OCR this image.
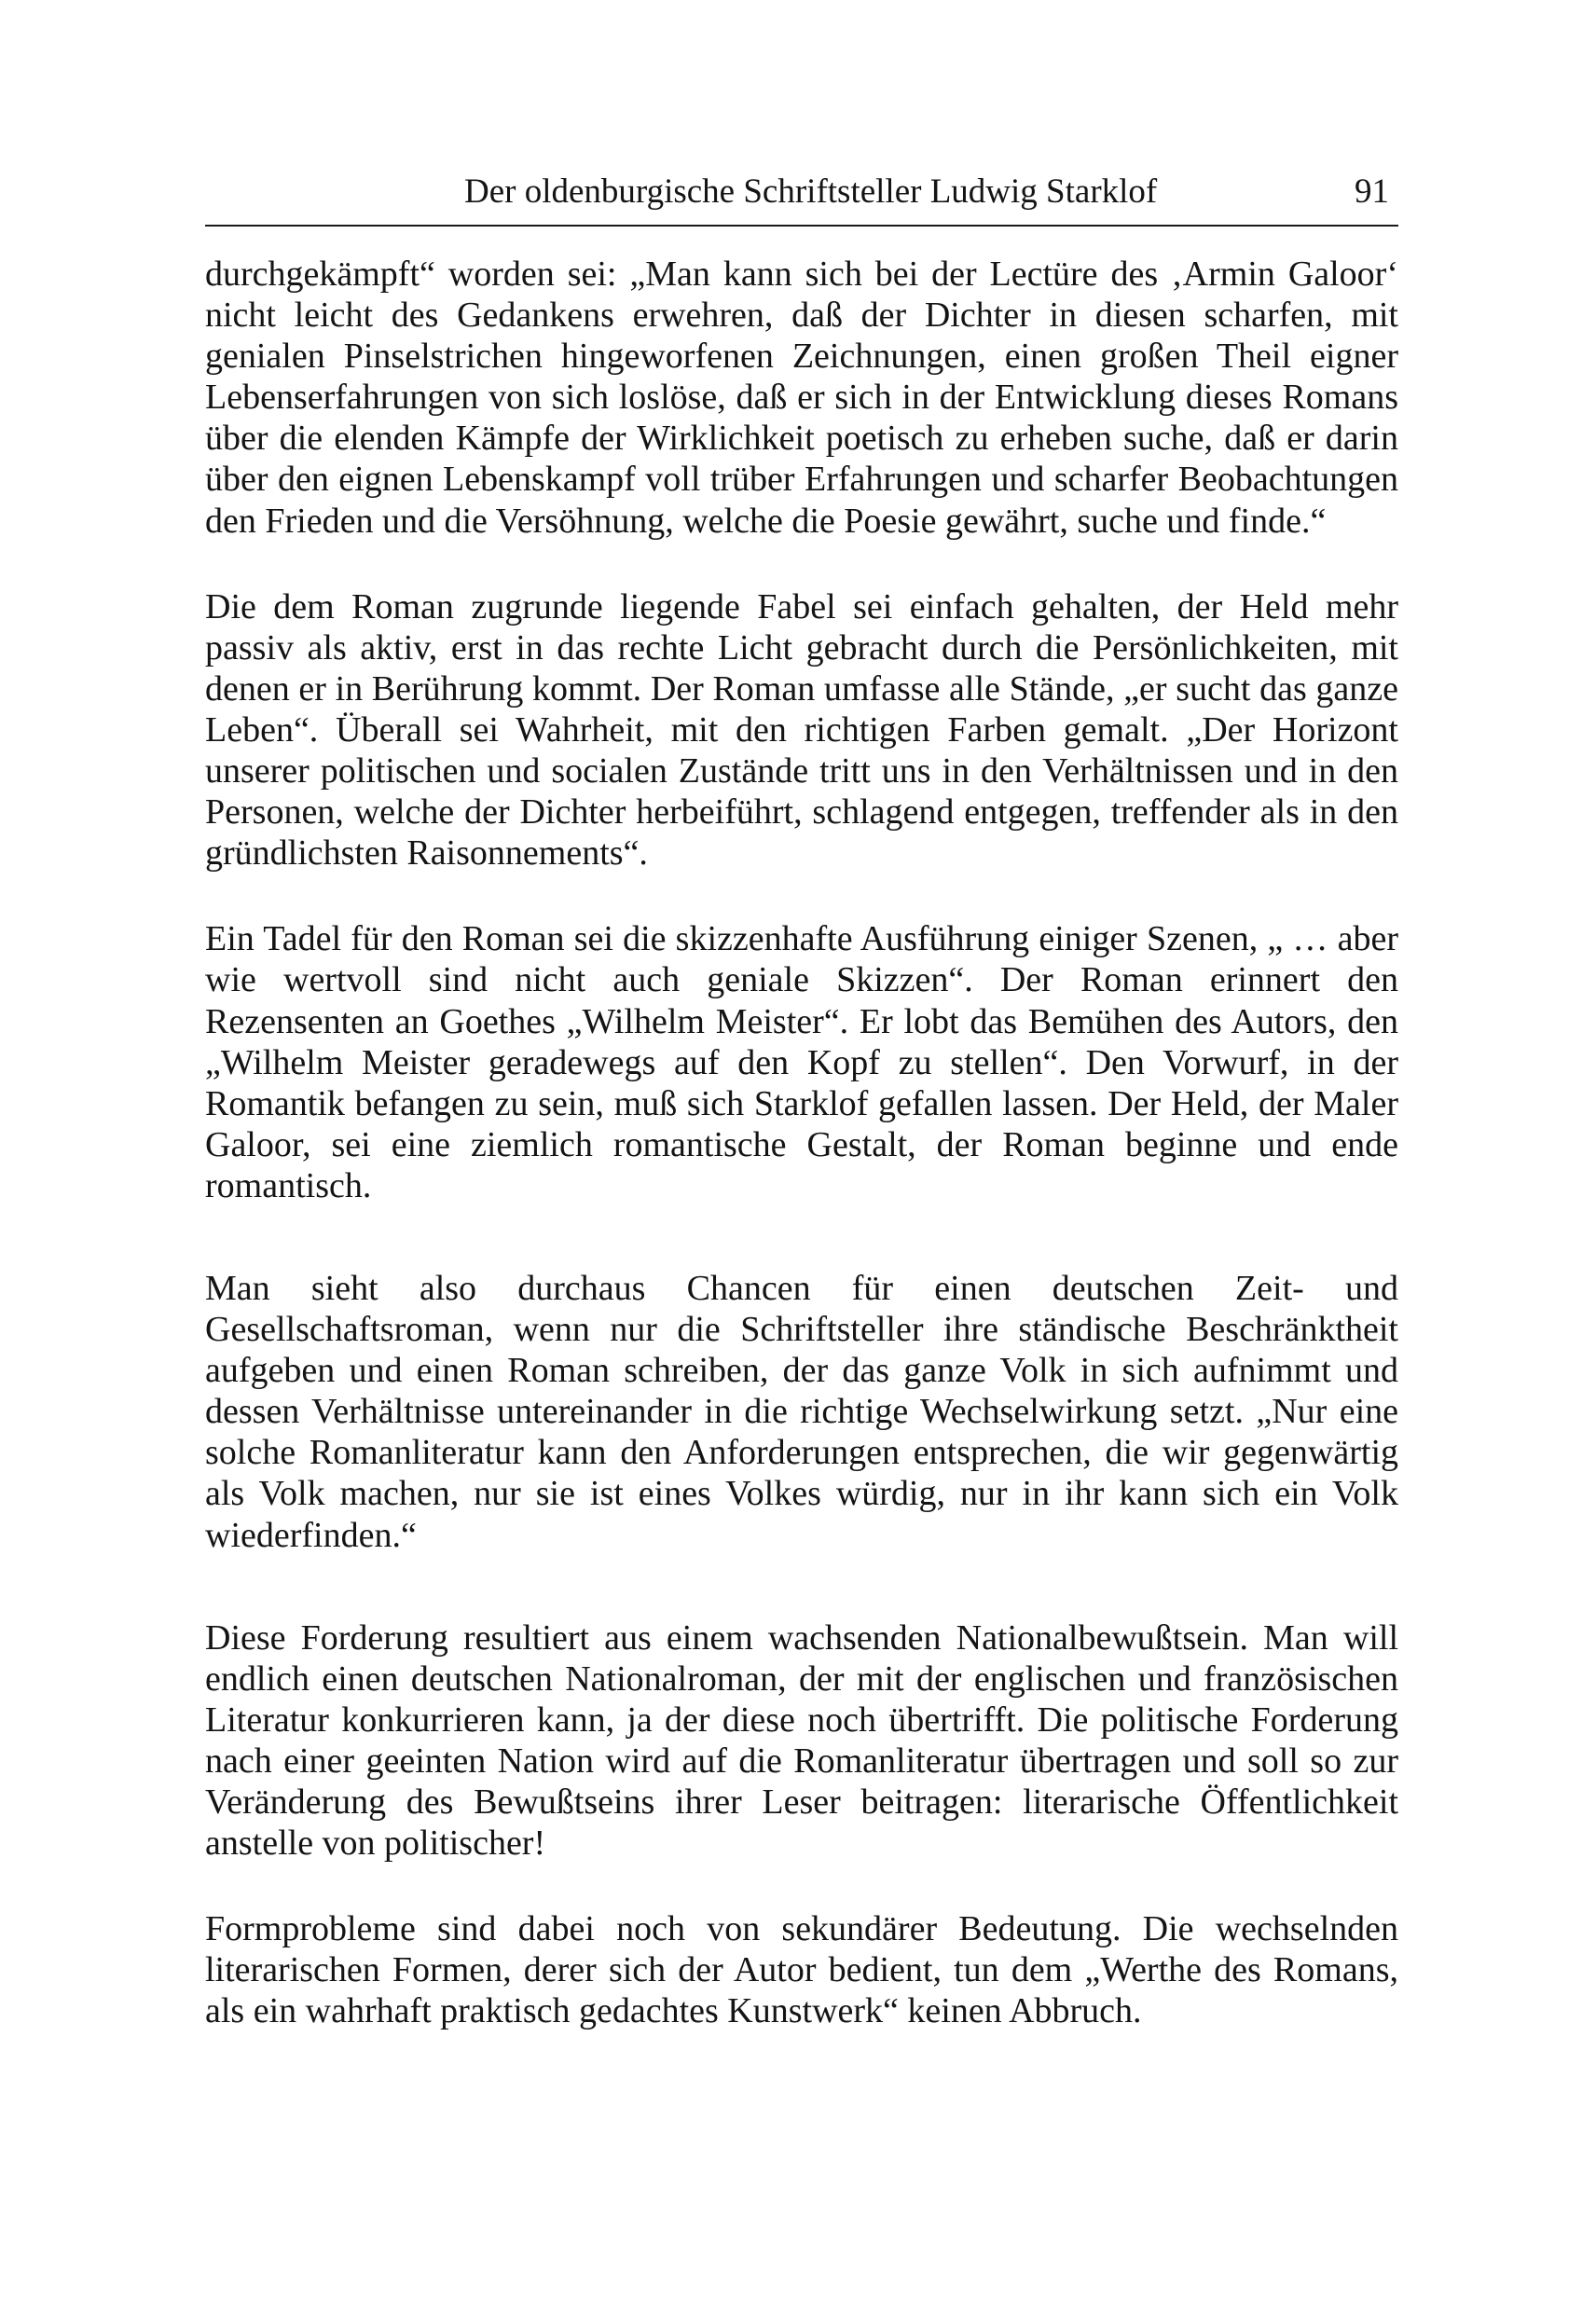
Der oldenburgische Schriftsteller Ludwig Starklof	91

durchgekämpft“ worden sei: „Man kann sich bei der Lectüre des ‚Armin Galoor‘ nicht leicht des Gedankens erwehren, daß der Dichter in diesen scharfen, mit genialen Pinselstrichen hingeworfenen Zeichnungen, einen großen Theil eigner Lebenserfahrungen von sich loslöse, daß er sich in der Entwicklung dieses Romans über die elenden Kämpfe der Wirklichkeit poetisch zu erheben suche, daß er darin über den eignen Lebenskampf voll trüber Erfahrungen und scharfer Beobachtungen den Frieden und die Versöhnung, welche die Poesie gewährt, suche und finde.“

Die dem Roman zugrunde liegende Fabel sei einfach gehalten, der Held mehr passiv als aktiv, erst in das rechte Licht gebracht durch die Persönlichkeiten, mit denen er in Berührung kommt. Der Roman umfasse alle Stände, „er sucht das ganze Leben“. Überall sei Wahrheit, mit den richtigen Farben gemalt. „Der Horizont unserer politischen und socialen Zustände tritt uns in den Verhältnissen und in den Personen, welche der Dichter herbeiführt, schlagend entgegen, treffender als in den gründlichsten Raisonnements“.

Ein Tadel für den Roman sei die skizzenhafte Ausführung einiger Szenen, „ … aber wie wertvoll sind nicht auch geniale Skizzen“. Der Roman erinnert den Rezensenten an Goethes „Wilhelm Meister“. Er lobt das Bemühen des Autors, den „Wilhelm Meister geradewegs auf den Kopf zu stellen“. Den Vorwurf, in der Romantik befangen zu sein, muß sich Starklof gefallen lassen. Der Held, der Maler Galoor, sei eine ziemlich romantische Gestalt, der Roman beginne und ende romantisch.

Man sieht also durchaus Chancen für einen deutschen Zeit- und Gesellschaftsroman, wenn nur die Schriftsteller ihre ständische Beschränktheit aufgeben und einen Roman schreiben, der das ganze Volk in sich aufnimmt und dessen Verhältnisse untereinander in die richtige Wechselwirkung setzt. „Nur eine solche Romanliteratur kann den Anforderungen entsprechen, die wir gegenwärtig als Volk machen, nur sie ist eines Volkes würdig, nur in ihr kann sich ein Volk wiederfinden.“

Diese Forderung resultiert aus einem wachsenden Nationalbewußtsein. Man will endlich einen deutschen Nationalroman, der mit der englischen und französischen Literatur konkurrieren kann, ja der diese noch übertrifft. Die politische Forderung nach einer geeinten Nation wird auf die Romanliteratur übertragen und soll so zur Veränderung des Bewußtseins ihrer Leser beitragen: literarische Öffentlichkeit anstelle von politischer!

Formprobleme sind dabei noch von sekundärer Bedeutung. Die wechselnden literarischen Formen, derer sich der Autor bedient, tun dem „Werthe des Romans, als ein wahrhaft praktisch gedachtes Kunstwerk“ keinen Abbruch.
